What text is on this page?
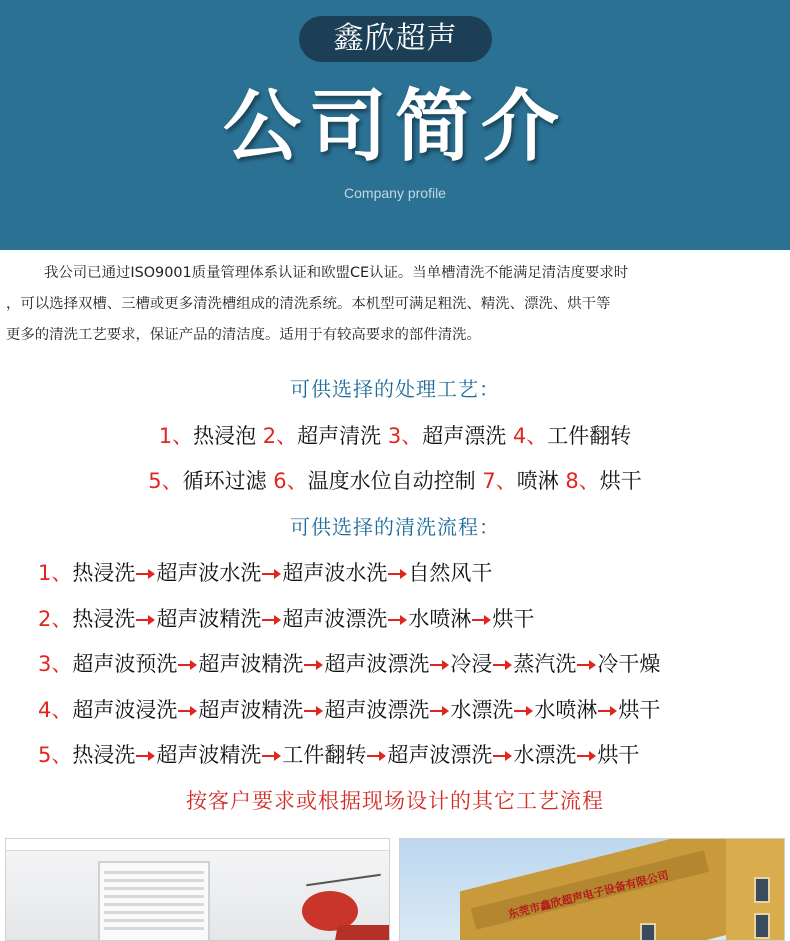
鑫欣超声
公司简介
Company profile

我公司已通过ISO9001质量管理体系认证和欧盟CE认证。当单槽清洗不能满足清洁度要求时

，可以选择双槽、三槽或更多清洗槽组成的清洗系统。本机型可满足粗洗、精洗、漂洗、烘干等

更多的清洗工艺要求，保证产品的清洁度。适用于有较高要求的部件清洗。

可供选择的处理工艺：
1、热浸泡 2、超声清洗 3、超声漂洗 4、工件翻转
5、循环过滤 6、温度水位自动控制 7、喷淋 8、烘干
可供选择的清洗流程：
1、热浸洗 超声波水洗 超声波水洗 自然风干
2、热浸洗 超声波精洗 超声波漂洗 水喷淋 烘干
3、超声波预洗 超声波精洗 超声波漂洗 冷浸 蒸汽洗 冷干燥
4、超声波浸洗 超声波精洗 超声波漂洗 水漂洗 水喷淋 烘干
5、热浸洗 超声波精洗 工件翻转 超声波漂洗 水漂洗 烘干
按客户要求或根据现场设计的其它工艺流程
东莞市鑫欣超声电子设备有限公司
